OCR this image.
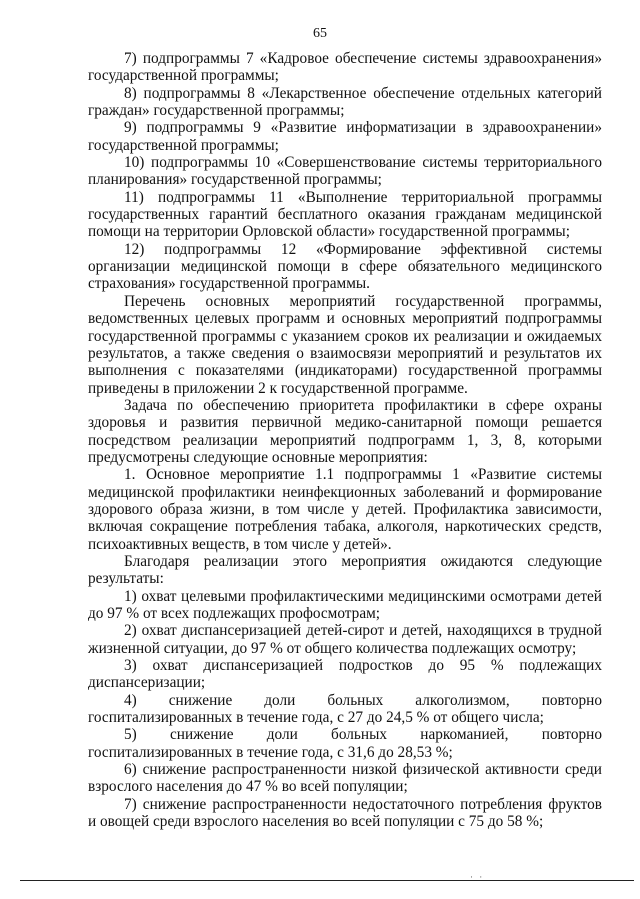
65

7) подпрограммы 7 «Кадровое обеспечение системы здравоохранения» государственной программы;

8) подпрограммы 8 «Лекарственное обеспечение отдельных категорий граждан» государственной программы;

9) подпрограммы 9 «Развитие информатизации в здравоохранении» государственной программы;

10) подпрограммы 10 «Совершенствование системы территориального планирования» государственной программы;

11) подпрограммы 11 «Выполнение территориальной программы государственных гарантий бесплатного оказания гражданам медицинской помощи на территории Орловской области» государственной программы;

12) подпрограммы 12 «Формирование эффективной системы организации медицинской помощи в сфере обязательного медицинского страхования» государственной программы.

Перечень основных мероприятий государственной программы, ведомственных целевых программ и основных мероприятий подпрограммы государственной программы с указанием сроков их реализации и ожидаемых результатов, а также сведения о взаимосвязи мероприятий и результатов их выполнения с показателями (индикаторами) государственной программы приведены в приложении 2 к государственной программе.

Задача по обеспечению приоритета профилактики в сфере охраны здоровья и развития первичной медико-санитарной помощи решается посредством реализации мероприятий подпрограмм 1, 3, 8, которыми предусмотрены следующие основные мероприятия:

1. Основное мероприятие 1.1 подпрограммы 1 «Развитие системы медицинской профилактики неинфекционных заболеваний и формирование здорового образа жизни, в том числе у детей. Профилактика зависимости, включая сокращение потребления табака, алкоголя, наркотических средств, психоактивных веществ, в том числе у детей».

Благодаря реализации этого мероприятия ожидаются следующие результаты:

1) охват целевыми профилактическими медицинскими осмотрами детей до 97 % от всех подлежащих профосмотрам;

2) охват диспансеризацией детей-сирот и детей, находящихся в трудной жизненной ситуации, до 97 % от общего количества подлежащих осмотру;

3) охват диспансеризацией подростков до 95 % подлежащих диспансеризации;

4) снижение доли больных алкоголизмом, повторно госпитализированных в течение года, с 27 до 24,5 % от общего числа;

5) снижение доли больных наркоманией, повторно госпитализированных в течение года, с 31,6 до 28,53 %;

6) снижение распространенности низкой физической активности среди взрослого населения до 47 % во всей популяции;

7) снижение распространенности недостаточного потребления фруктов и овощей среди взрослого населения во всей популяции с 75 до 58 %;

· ·
